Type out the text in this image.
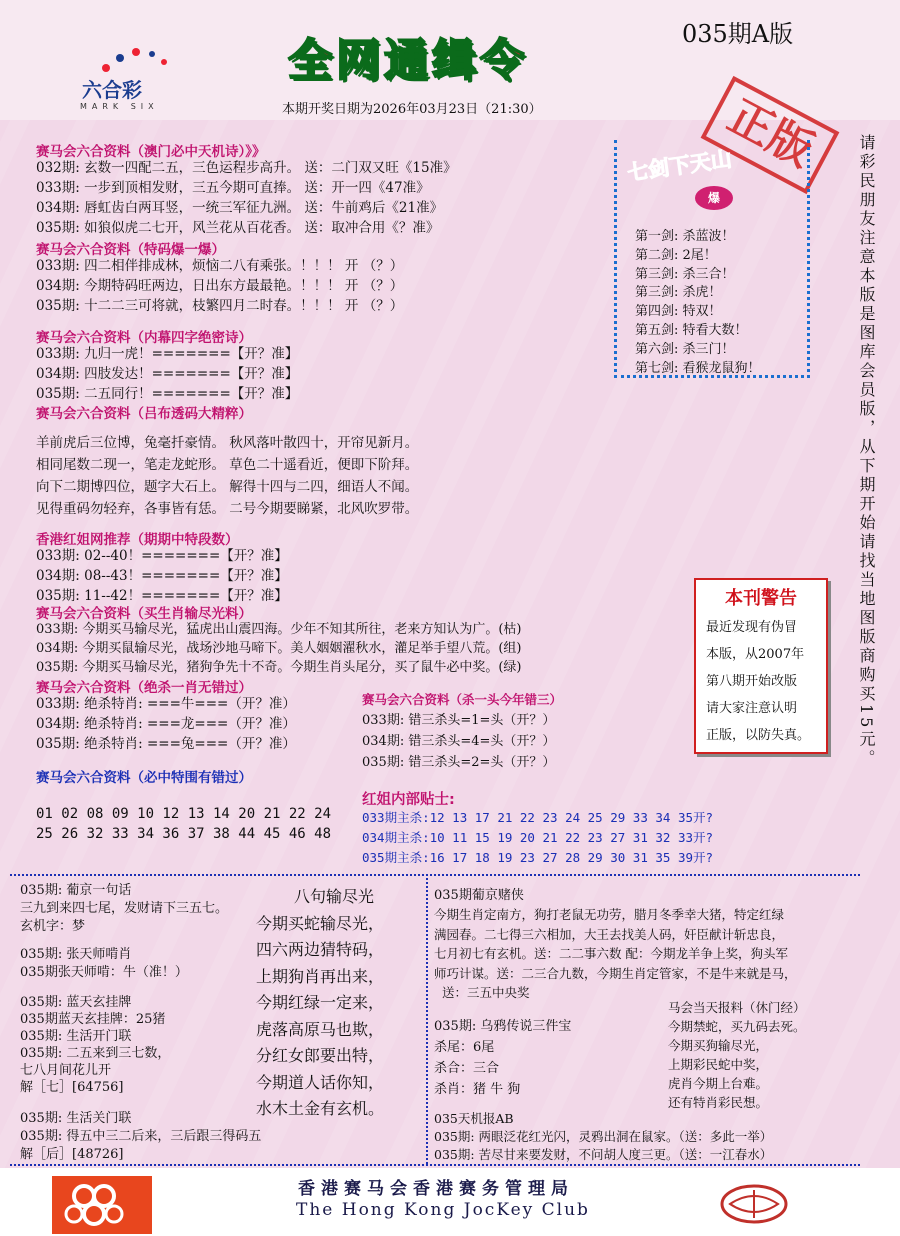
六合彩
MARK SIX
全网通缉令
035期A版
本期开奖日期为2026年03月23日（21:30）	正版
赛马会六合资料（澳门必中天机诗）》》
032期: 玄数一四配二五，三色运程步高升。 送：二门双又旺《15准》
033期: 一步到顶相发财，三五今期可直捧。 送：开一四《47准》
034期: 唇虹齿白两耳竖，一统三军征九洲。 送：牛前鸡后《21准》
035期: 如狼似虎二七开，风兰花从百花香。 送：取冲合用《？准》
赛马会六合资料（特码爆一爆）
033期: 四二相伴排成林，烦恼二八有乘张。！！！ 开 （？）
034期: 今期特码旺两边，日出东方最最艳。！！！ 开 （？）
035期: 十二二三可将就，枝繁四月二时春。！！！ 开 （？）
赛马会六合资料（内幕四字绝密诗）
033期: 九归一虎！=======【开？准】
034期: 四肢发达！=======【开？准】
035期: 二五同行！=======【开？准】
赛马会六合资料（吕布透码大精粹）
羊前虎后三位博，兔毫扦豪情。 秋风落叶散四十，开帘见新月。
相同尾数二现一，笔走龙蛇形。 草色二十遥看近，便即下阶拜。
向下二期博四位，题字大石上。 解得十四与二四，细语人不闻。
见得重码勿轻弃，各事皆有恁。 二号今期要睇紧，北风吹罗带。
香港红姐网推荐（期期中特段数）
033期: 02--40！=======【开？准】
034期: 08--43！=======【开？准】
035期: 11--42！=======【开？准】
赛马会六合资料（买生肖输尽光料）
033期: 今期买马输尽光，猛虎出山震四海。少年不知其所往，老来方知认为广。(枯)
034期: 今期买鼠输尽光，战场沙地马啼下。美人姻姻濯秋水，灌足举手望八荒。(组)
035期: 今期买马输尽光，猪狗争先十不奇。今期生肖头尾分，买了鼠牛必中奖。(绿)
赛马会六合资料（绝杀一肖无错过）
033期: 绝杀特肖: ===牛===（开？准）
034期: 绝杀特肖: ===龙===（开？准）
035期: 绝杀特肖: ===兔===（开？准）
赛马会六合资料（杀一头今年错三）
033期: 错三杀头=1=头（开？）
034期: 错三杀头=4=头（开？）
035期: 错三杀头=2=头（开？）
赛马会六合资料（必中特围有错过）
01 02 08 09 10 12 13 14 20 21 22 24
25 26 32 33 34 36 37 38 44 45 46 48
红姐内部贴士:
033期主杀:12 13 17 21 22 23 24 25 29 33 34 35开?
034期主杀:10 11 15 19 20 21 22 23 27 31 32 33开?
035期主杀:16 17 18 19 23 27 28 29 30 31 35 39开?
七剑下天山
爆
第一剑: 杀蓝波！
第二剑: 2尾！
第三剑: 杀三合！
第三剑: 杀虎！
第四剑: 特双！
第五剑: 特看大数！
第六剑: 杀三门！
第七剑: 看猴龙鼠狗！	请彩民朋友注意本版是图库会员版，从下期开始请找当地图版商购买15元。
本刊警告
最近发现有伪冒
本版，从2007年
第八期开始改版
请大家注意认明
正版，以防失真。
035期: 葡京一句话
三九到来四七尾，发财请下三五七。
玄机字：梦
035期: 张天师啃肖
035期张天师啃：牛（准！）
035期: 蓝天玄挂牌
035期蓝天玄挂牌：25猪
035期: 生活开门联
035期: 二五来到三七数，
七八月间花儿开
解［七］[64756]
035期: 生活关门联
035期: 得五中三二后来，三后跟三得码五
解［后］[48726]
八句输尽光
今期买蛇输尽光，
四六两边猜特码，
上期狗肖再出来，
今期红绿一定来，
虎落高原马也欺，
分红女郎要出特，
今期道人话你知，
水木土金有玄机。
035期葡京赌侠
今期生肖定南方，狗打老鼠无功劳，腊月冬季幸大猪，特定红绿
满园春。二七得三六相加，大王去找美人码，奸臣献计斩忠良，
七月初七有玄机。送：二二事六数 配：今期龙羊争上奖，狗头军
师巧计谋。送：二三合九数，今期生肖定管家，不是牛来就是马，
送：三五中央奖
035期: 乌鸦传说三件宝
杀尾：6尾
杀合：三合
杀肖：猪 牛 狗
马会当天报料（休门经）
今期禁蛇，买九码去死。
今期买狗输尽光，
上期彩民蛇中奖，
虎肖今期上台难。
还有特肖彩民想。
035天机报AB
035期: 两眼泛花红光闪，灵鸦出洞在鼠家。（送：多此一举）
035期: 苦尽甘来要发财，不问胡人度三更。（送：一江春水）
香港赛马会香港赛务管理局
The Hong Kong JocKey Club
